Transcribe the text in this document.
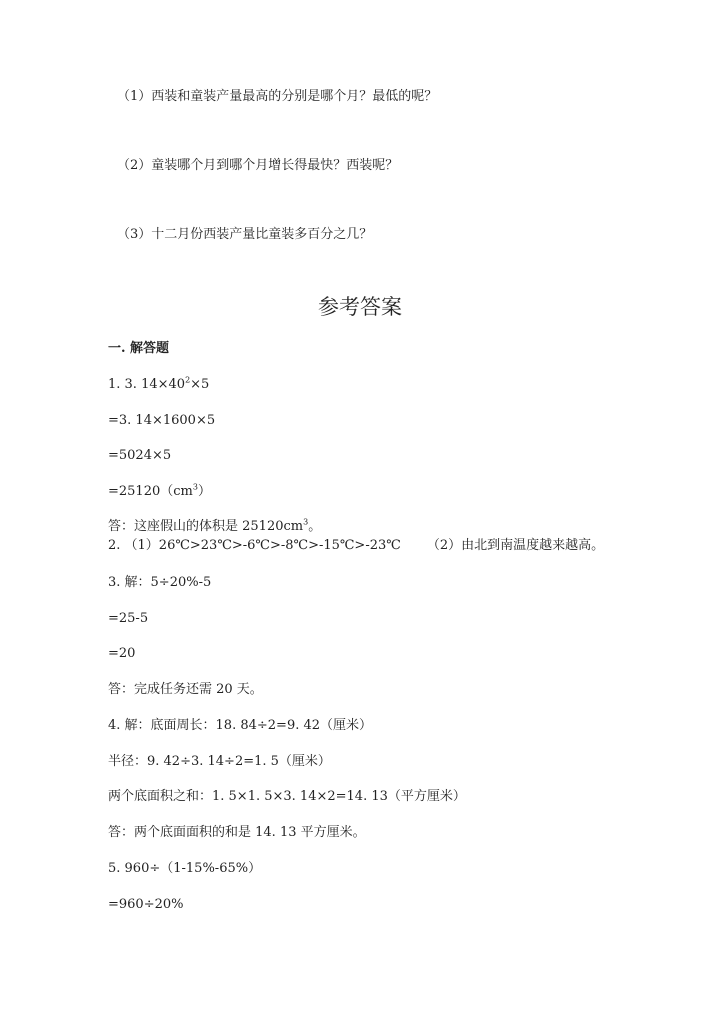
（1）西装和童装产量最高的分别是哪个月？最低的呢？
（2）童装哪个月到哪个月增长得最快？西装呢？
（3）十二月份西装产量比童装多百分之几？
参考答案
一. 解答题
1. 3. $14\times 40^2\times 5$
=3. 14×1600×5
=5024×5
$=25120(cm^3)$
答：这座假山的体积是 $25120cm^3$。
2. （1）26℃>23℃>-6℃>-8℃>-15℃>-23℃ （2）由北到南温度越来越高。
3. 解：5÷20%-5
=25-5
=20
答：完成任务还需 20 天。
4. 解：底面周长：18. 84÷2=9. 42（厘米）
半径：9. 42÷3. 14÷2=1. 5（厘米）
两个底面积之和：1. 5×1. 5×3. 14×2=14. 13（平方厘米）
答：两个底面面积的和是 14. 13 平方厘米。
5. 960÷（1-15%-65%）
=960÷20%
